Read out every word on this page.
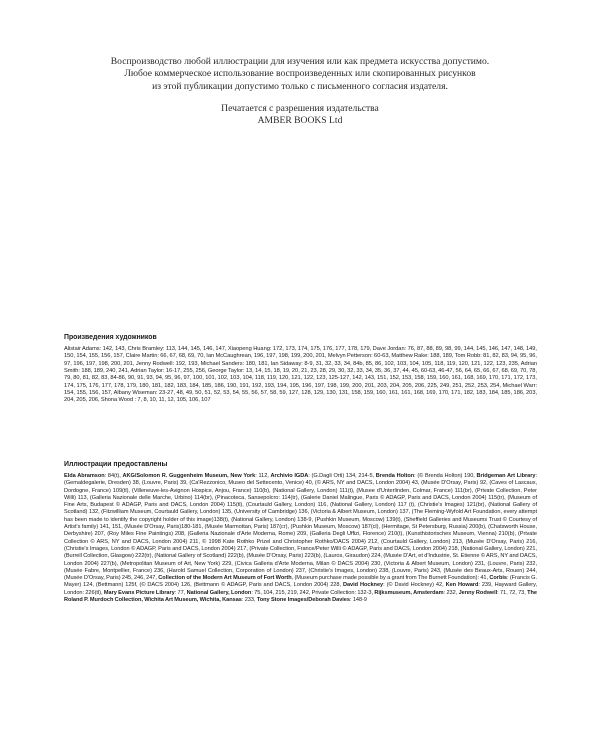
Воспроизводство любой иллюстрации для изучения или как предмета искусства допустимо.

Любое коммерческое использование воспроизведенных или скопированных рисунков

из этой публикации допустимо только с письменного согласия издателя.

Печатается с разрешения издательства

AMBER BOOKS Ltd

Произведения художников

Alistair Adams: 142, 143, Chris Bramley: 113, 144, 145, 146, 147, Xiaopeng Huang: 172, 173, 174, 175, 176, 177, 178, 179, Dave Jordan: 76, 87, 88, 89, 98, 99, 144, 145, 146, 147, 148, 149, 150, 154, 155, 156, 157, Claire Martin: 66, 67, 68, 69, 70, Ian McCaughrean, 196, 197, 198, 199, 200, 201, Melvyn Petterson: 60-63, Matthew Rake: 188, 189, Tom Robb: 81, 82, 83, 94, 95, 96, 97, 196, 197, 198, 200, 201, Jenny Rodwell: 192, 193, Michael Sanders: 180, 181, Ian Sidaway: 8-9, 31, 32, 33, 34, 84b, 85, 86, 102, 103, 104, 105, 118, 119, 120, 121, 122, 123, 235, Adrian Smith: 188, 189, 240, 241, Adrian Taylor: 16-17, 255, 256, George Taylor: 13, 14, 15, 18, 19, 20, 21, 23, 28, 29, 30, 32, 33, 34, 35, 36, 37, 44, 45, 60-63, 46-47, 56, 64, 65, 66, 67, 68, 69, 70, 78, 79, 80, 81, 82, 83, 84-86, 90, 91, 93, 94, 95, 96, 97, 100, 101, 102, 103, 104, 118, 119, 120, 121, 122, 123, 125-127, 142, 143, 151, 152, 153, 158, 159, 160, 161, 168, 169, 170, 171, 172, 173, 174, 175, 176, 177, 178, 179, 180, 181, 182, 183, 184, 185, 186, 190, 191, 192, 193, 194, 195, 196, 197, 198, 199, 200, 201, 203, 204, 205, 206, 225, 249, 251, 252, 253, 254, Michael Warr: 154, 155, 156, 157, Albany Wiseman: 23-27, 48, 49, 50, 51, 52, 53, 54, 55, 56, 57, 58, 59, 127, 128, 129, 130, 131, 158, 159, 160, 161, 161, 168, 169, 170, 171, 182, 183, 184, 185, 186, 203, 204, 205, 206, Shona Wood : 7, 8, 10, 11, 12, 105, 106, 107

Иллюстрации предоставлены

Elda Abramson: 84(t), AKG/Solomon R. Guggenheim Museum, New York: 112, Archivio IGDA: (G.Dagli Orti) 134, 214-5, Brenda Holton: (© Brenda Holton) 190, Bridgeman Art Library: (Gemaldegalerie, Dresden) 38, (Louvre, Paris) 39, (Ca'Rezzonico, Museo del Settecento, Venice) 40, (© ARS, NY and DACS, London 2004) 43, (Musée D'Orsay, Paris) 92, (Caves of Lascaux, Dordogne, France) 109(tl), (Villeneuve-les-Avignon Hospice, Anjou, France) 110(b), (National Gallery, London) 111(t), (Musee d'Unterlinden, Colmar, France) 111(br), (Private Collection, Peter Willi) 113, (Galleria Nazionale delle Marche, Urbino) 114(br), (Pinacoteca, Sansepolcro: 114(tr), (Galerie Daniel Malingue, Paris © ADAGP, Paris and DACS, London 2004) 115(tr), (Museum of Fine Arts, Budapest © ADAGP, Paris and DACS, London 2004) 115(tl), (Courtauld Gallery, London) 116, (National Gallery, London) 117 (t), (Christie's Images) 121(br), (National Gallery of Scotland) 132, (Fitzwilliam Museum, Courtauld Gallery, London) 135, (University of Cambridge) 136, (Victoria & Albert Museum, London) 137, (The Fleming-Wyfold Art Foundation, every attempt has been made to identify the copyright holder of this image)138(t), (National Gallery, London) 138-9, (Pushkin Museum, Moscow) 139(t), (Sheffield Galleries and Museums Trust © Courtesy of Artist's family) 141, 151, (Musée D'Orsay, Paris)180-181, (Musée Marmottan, Paris) 187(cr), (Pushkin Museum, Moscow) 187(cl), (Hermitage, St Petersburg, Russia) 200(b), (Chatsworth House, Derbyshire) 207, (Roy Miles Fine Paintings) 208, (Galleria Nazionale d'Arte Moderna, Rome) 209, (Galleria Degli Uffizi, Florence) 210(t), (Kunsthistorisches Museum, Vienna) 210(b), (Private Collection © ARS, NY and DACS, London 2004) 211, © 1998 Kate Rothko Prizel and Christopher Rothko/DACS 2004) 212, (Courtauld Gallery, London) 213, (Musée D'Orsay, Paris) 216, (Christie's Images, London © ADAGP, Paris and DACS, London 2004) 217, (Private Collection, France/Peter Willi © ADAGP, Paris and DACS, London 2004) 218, (National Gallery, London) 221, (Burrell Collection, Glasgow) 222(tr), (National Gallery of Scotland) 222(b), (Musée D'Orsay, Paris) 223(b), (Lauros, Giraudon) 224, (Musée D'Art, et d'Industrie, St. Etienne © ARS, NY and DACS, London 2004) 227(b), (Metropolitan Museum of Art, New York) 229, (Civica Galleria d'Arte Moderna, Milan © DACS 2004) 230, (Victoria & Albert Museum, London) 231, (Louvre, Paris) 232, (Musée Fabre, Montpellier, France) 236, (Harold Samuel Collection, Corporation of London) 237, (Christie's Images, London) 238, (Louvre, Paris) 243, (Musée des Beaux-Arts, Rouen) 244, (Musée D'Orsay, Paris) 245, 246, 247, Collection of the Modern Art Museum of Fort Worth, (Museum purchase made possible by a grant from The Burnett Foundation): 41, Corbis: (Francis G. Mayer) 124, (Bettmann) 125f, (© DACS 2004) 126, (Bettmann © ADAGP, Paris and DACS, London 2004) 228, David Hockney: (© David Hockney) 42, Ken Howard: 239, Hayward Gallery, London: 226(tl), Mary Evans Picture Library: 77, National Gallery, London: 75, 104, 215, 219, 242, Private Collection: 132-3, Rijksmuseum, Amsterdam: 232, Jenny Rodwell: 71, 72, 73, The Roland P. Murdoch Collection, Wichita Art Museum, Wichita, Kansas: 233, Tony Stone Images/Deborah Davies: 148-9
